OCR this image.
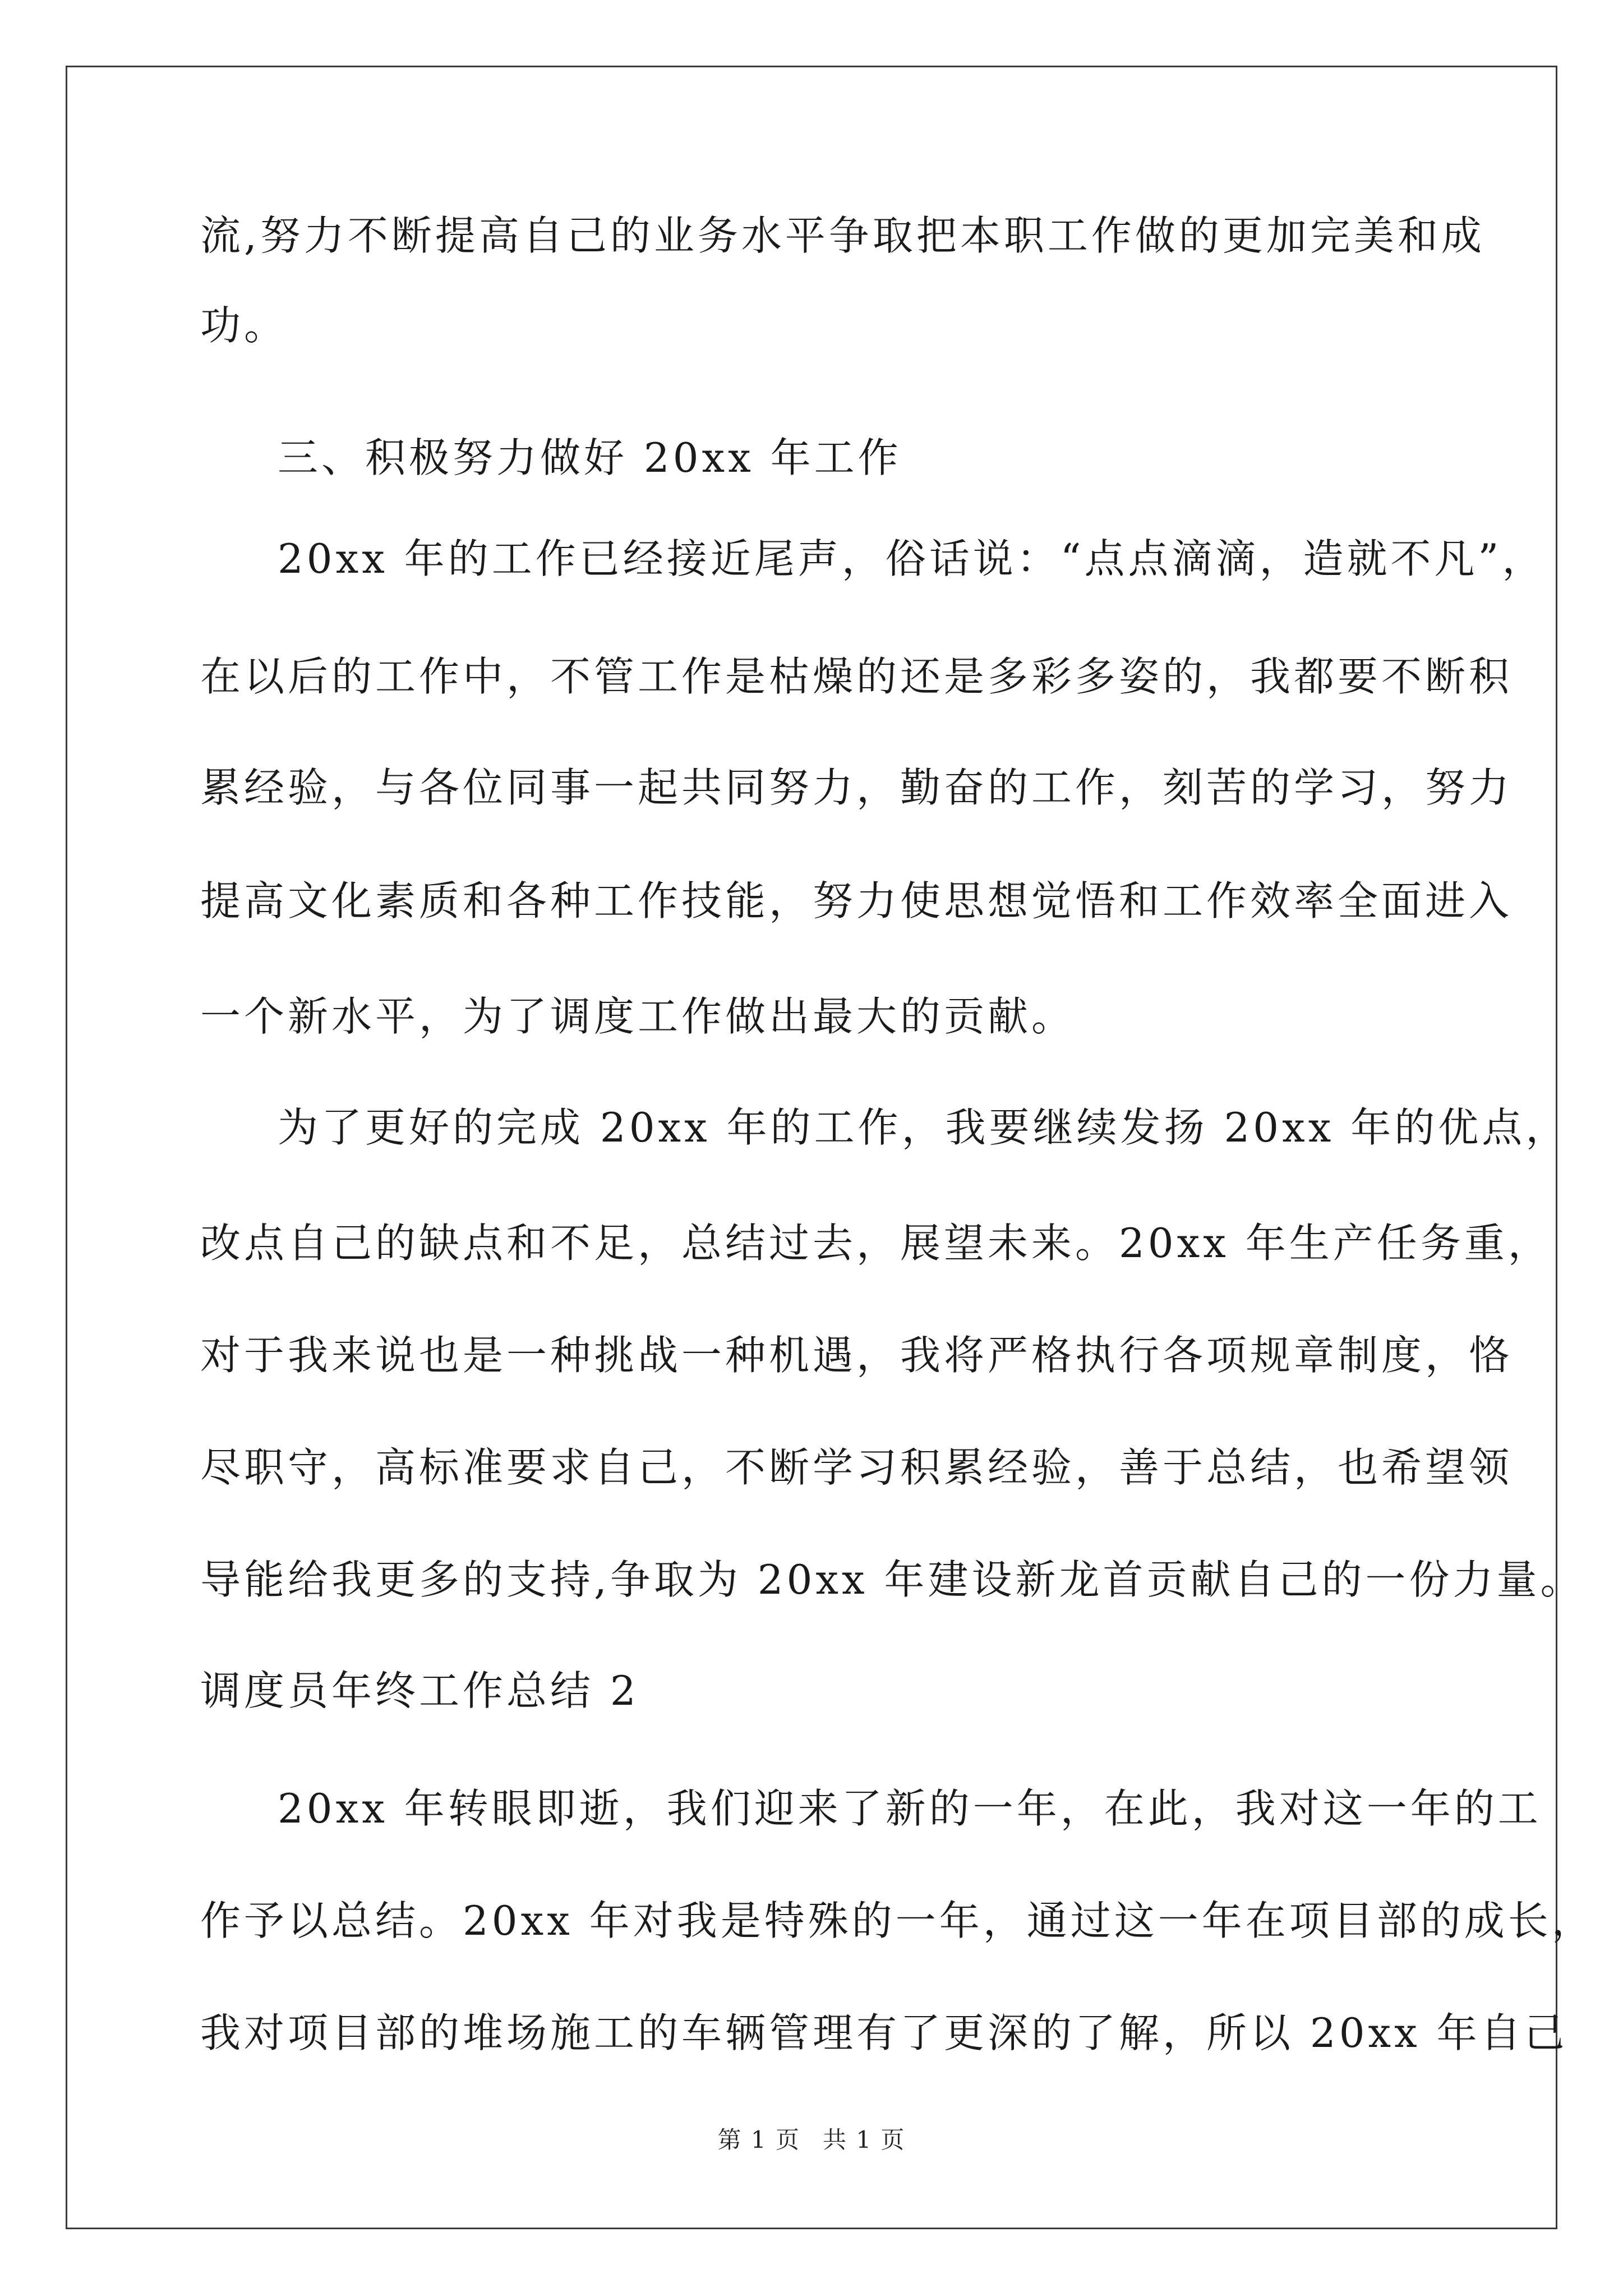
流,努力不断提高自己的业务水平争取把本职工作做的更加完美和成
功。
三、积极努力做好 20xx 年工作
20xx 年的工作已经接近尾声，俗话说：“点点滴滴，造就不凡”，
在以后的工作中，不管工作是枯燥的还是多彩多姿的，我都要不断积
累经验，与各位同事一起共同努力，勤奋的工作，刻苦的学习，努力
提高文化素质和各种工作技能，努力使思想觉悟和工作效率全面进入
一个新水平，为了调度工作做出最大的贡献。
为了更好的完成 20xx 年的工作，我要继续发扬 20xx 年的优点，
改点自己的缺点和不足，总结过去，展望未来。20xx 年生产任务重，
对于我来说也是一种挑战一种机遇，我将严格执行各项规章制度，恪
尽职守，高标准要求自己，不断学习积累经验，善于总结，也希望领
导能给我更多的支持,争取为 20xx 年建设新龙首贡献自己的一份力量。
调度员年终工作总结 2
20xx 年转眼即逝，我们迎来了新的一年，在此，我对这一年的工
作予以总结。20xx 年对我是特殊的一年，通过这一年在项目部的成长，
我对项目部的堆场施工的车辆管理有了更深的了解，所以 20xx 年自己
第 1 页 共 1 页
